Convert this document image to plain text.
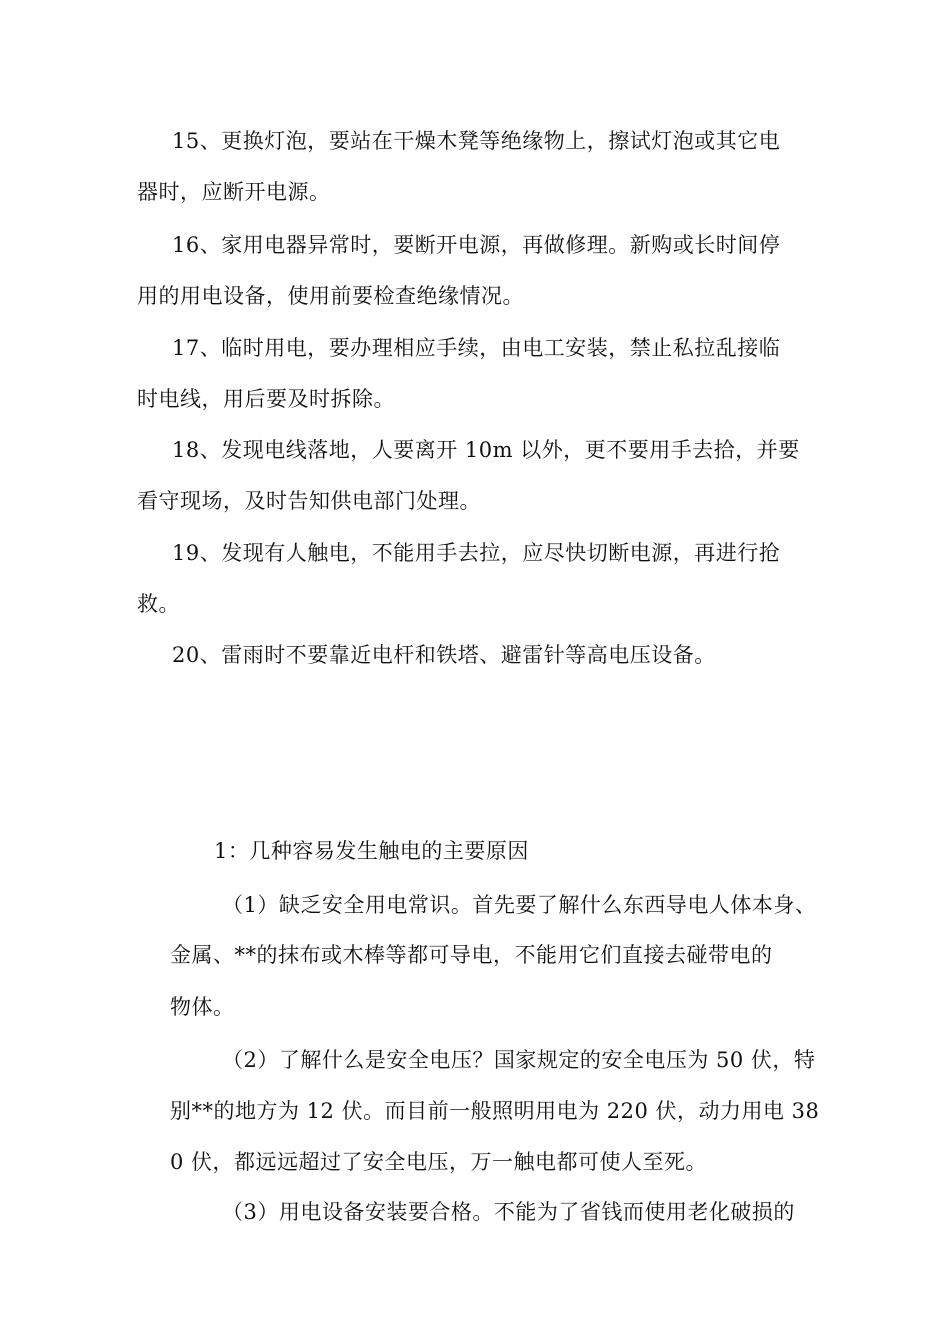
15、更换灯泡，要站在干燥木凳等绝缘物上，擦试灯泡或其它电
器时，应断开电源。
16、家用电器异常时，要断开电源，再做修理。新购或长时间停
用的用电设备，使用前要检查绝缘情况。
17、临时用电，要办理相应手续，由电工安装，禁止私拉乱接临
时电线，用后要及时拆除。
18、发现电线落地，人要离开 10m 以外，更不要用手去拾，并要
看守现场，及时告知供电部门处理。
19、发现有人触电，不能用手去拉，应尽快切断电源，再进行抢
救。
20、雷雨时不要靠近电杆和铁塔、避雷针等高电压设备。
1：几种容易发生触电的主要原因
（1）缺乏安全用电常识。首先要了解什么东西导电人体本身、
金属、**的抹布或木棒等都可导电，不能用它们直接去碰带电的
物体。
（2）了解什么是安全电压？国家规定的安全电压为 50 伏，特
别**的地方为 12 伏。而目前一般照明用电为 220 伏，动力用电 38
0 伏，都远远超过了安全电压，万一触电都可使人至死。
（3）用电设备安装要合格。不能为了省钱而使用老化破损的
